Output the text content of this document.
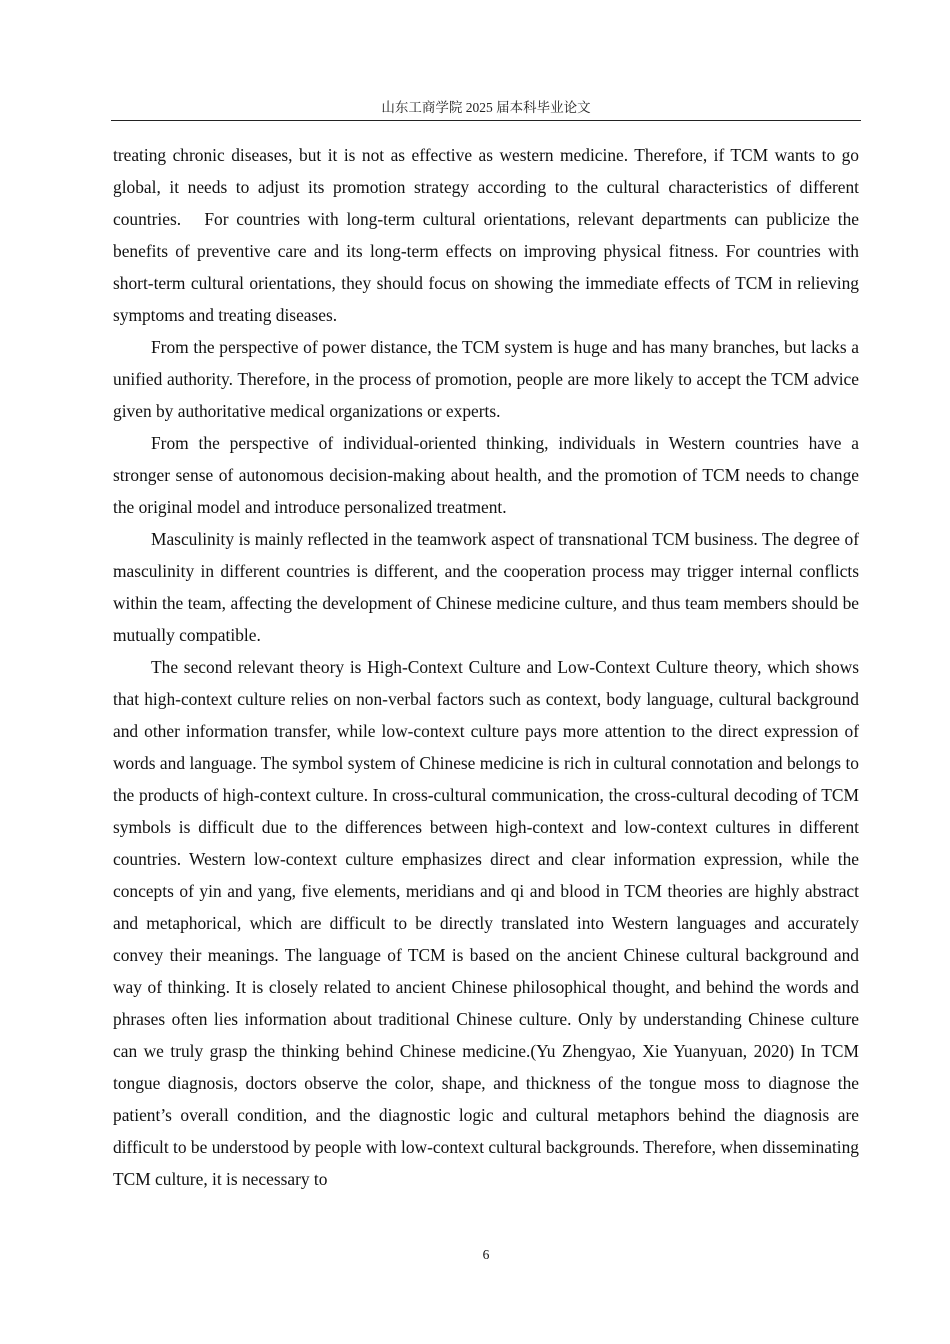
山东工商学院 2025 届本科毕业论文

treating chronic diseases, but it is not as effective as western medicine. Therefore, if TCM wants to go global, it needs to adjust its promotion strategy according to the cultural characteristics of different countries.   For countries with long-term cultural orientations, relevant departments can publicize the benefits of preventive care and its long-term effects on improving physical fitness. For countries with short-term cultural orientations, they should focus on showing the immediate effects of TCM in relieving symptoms and treating diseases.

From the perspective of power distance, the TCM system is huge and has many branches, but lacks a unified authority. Therefore, in the process of promotion, people are more likely to accept the TCM advice given by authoritative medical organizations or experts.

From the perspective of individual-oriented thinking, individuals in Western countries have a stronger sense of autonomous decision-making about health, and the promotion of TCM needs to change the original model and introduce personalized treatment.

Masculinity is mainly reflected in the teamwork aspect of transnational TCM business. The degree of masculinity in different countries is different, and the cooperation process may trigger internal conflicts within the team, affecting the development of Chinese medicine culture, and thus team members should be mutually compatible.

The second relevant theory is High-Context Culture and Low-Context Culture theory, which shows that high-context culture relies on non-verbal factors such as context, body language, cultural background and other information transfer, while low-context culture pays more attention to the direct expression of words and language. The symbol system of Chinese medicine is rich in cultural connotation and belongs to the products of high-context culture. In cross-cultural communication, the cross-cultural decoding of TCM symbols is difficult due to the differences between high-context and low-context cultures in different countries. Western low-context culture emphasizes direct and clear information expression, while the concepts of yin and yang, five elements, meridians and qi and blood in TCM theories are highly abstract and metaphorical, which are difficult to be directly translated into Western languages and accurately convey their meanings. The language of TCM is based on the ancient Chinese cultural background and way of thinking. It is closely related to ancient Chinese philosophical thought, and behind the words and phrases often lies information about traditional Chinese culture. Only by understanding Chinese culture can we truly grasp the thinking behind Chinese medicine.(Yu Zhengyao, Xie Yuanyuan, 2020) In TCM tongue diagnosis, doctors observe the color, shape, and thickness of the tongue moss to diagnose the patient’s overall condition, and the diagnostic logic and cultural metaphors behind the diagnosis are difficult to be understood by people with low-context cultural backgrounds. Therefore, when disseminating TCM culture, it is necessary to

6
